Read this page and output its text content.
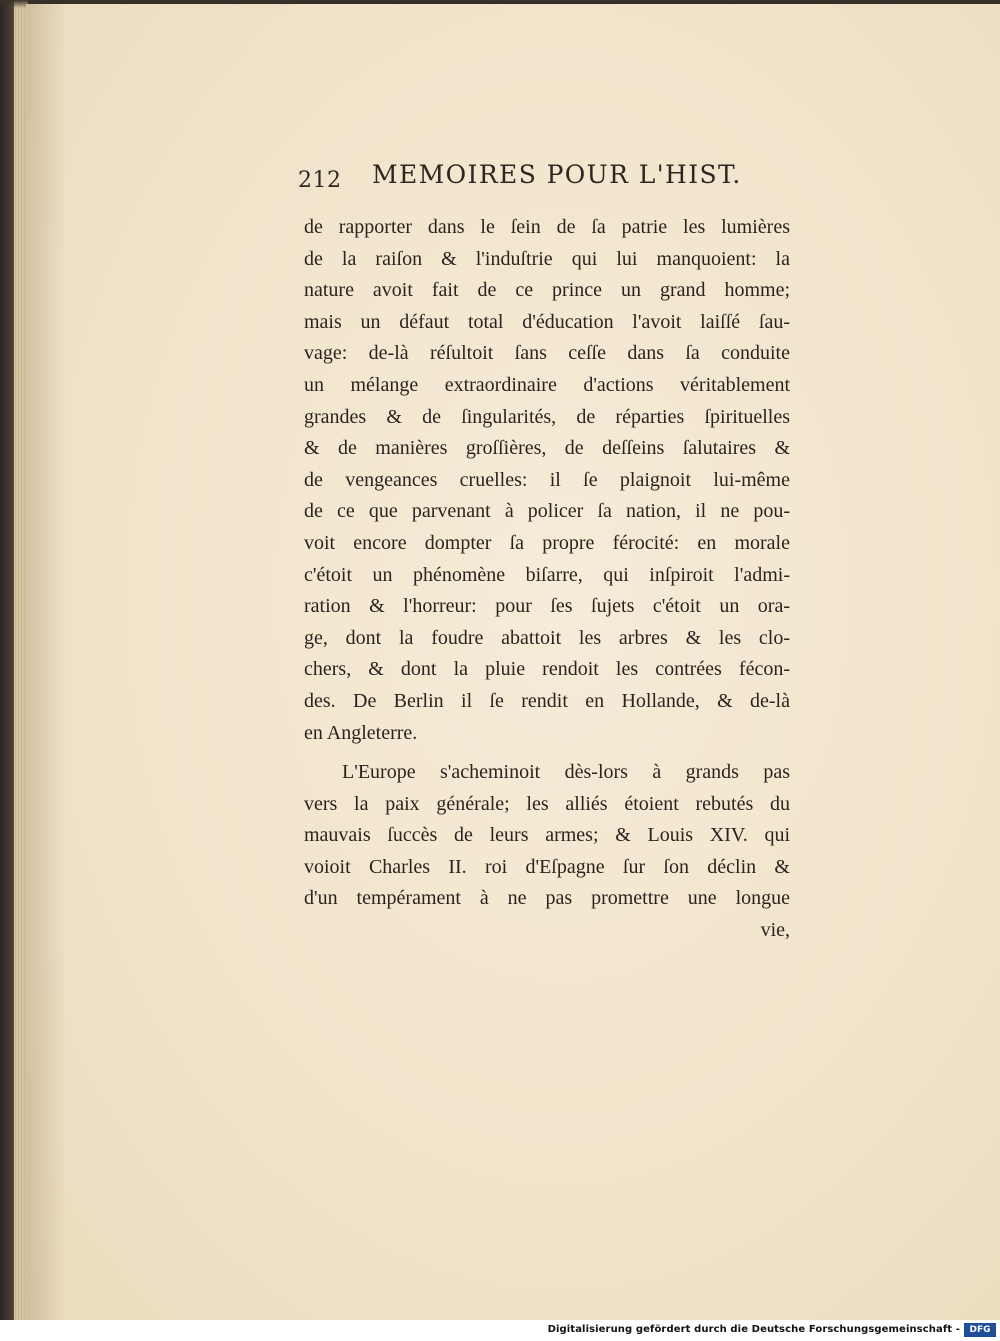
212 MEMOIRES POUR L'HIST.
de rapporter dans le ſein de ſa patrie les lumières
de la raiſon & l'induſtrie qui lui manquoient: la
nature avoit fait de ce prince un grand homme;
mais un défaut total d'éducation l'avoit laiſſé ſau-
vage: de-là réſultoit ſans ceſſe dans ſa conduite
un mélange extraordinaire d'actions véritablement
grandes & de ſingularités, de réparties ſpirituelles
& de manières groſſières, de deſſeins ſalutaires &
de vengeances cruelles: il ſe plaignoit lui-même
de ce que parvenant à policer ſa nation, il ne pou-
voit encore dompter ſa propre férocité: en morale
c'étoit un phénomène biſarre, qui inſpiroit l'admi-
ration & l'horreur: pour ſes ſujets c'étoit un ora-
ge, dont la foudre abattoit les arbres & les clo-
chers, & dont la pluie rendoit les contrées fécon-
des. De Berlin il ſe rendit en Hollande, & de-là
en Angleterre.
L'Europe s'acheminoit dès-lors à grands pas
vers la paix générale; les alliés étoient rebutés du
mauvais ſuccès de leurs armes; & Louis XIV. qui
voioit Charles II. roi d'Eſpagne ſur ſon déclin &
d'un tempérament à ne pas promettre une longue
vie,
Digitalisierung gefördert durch die Deutsche Forschungsgemeinschaft -	DFG
